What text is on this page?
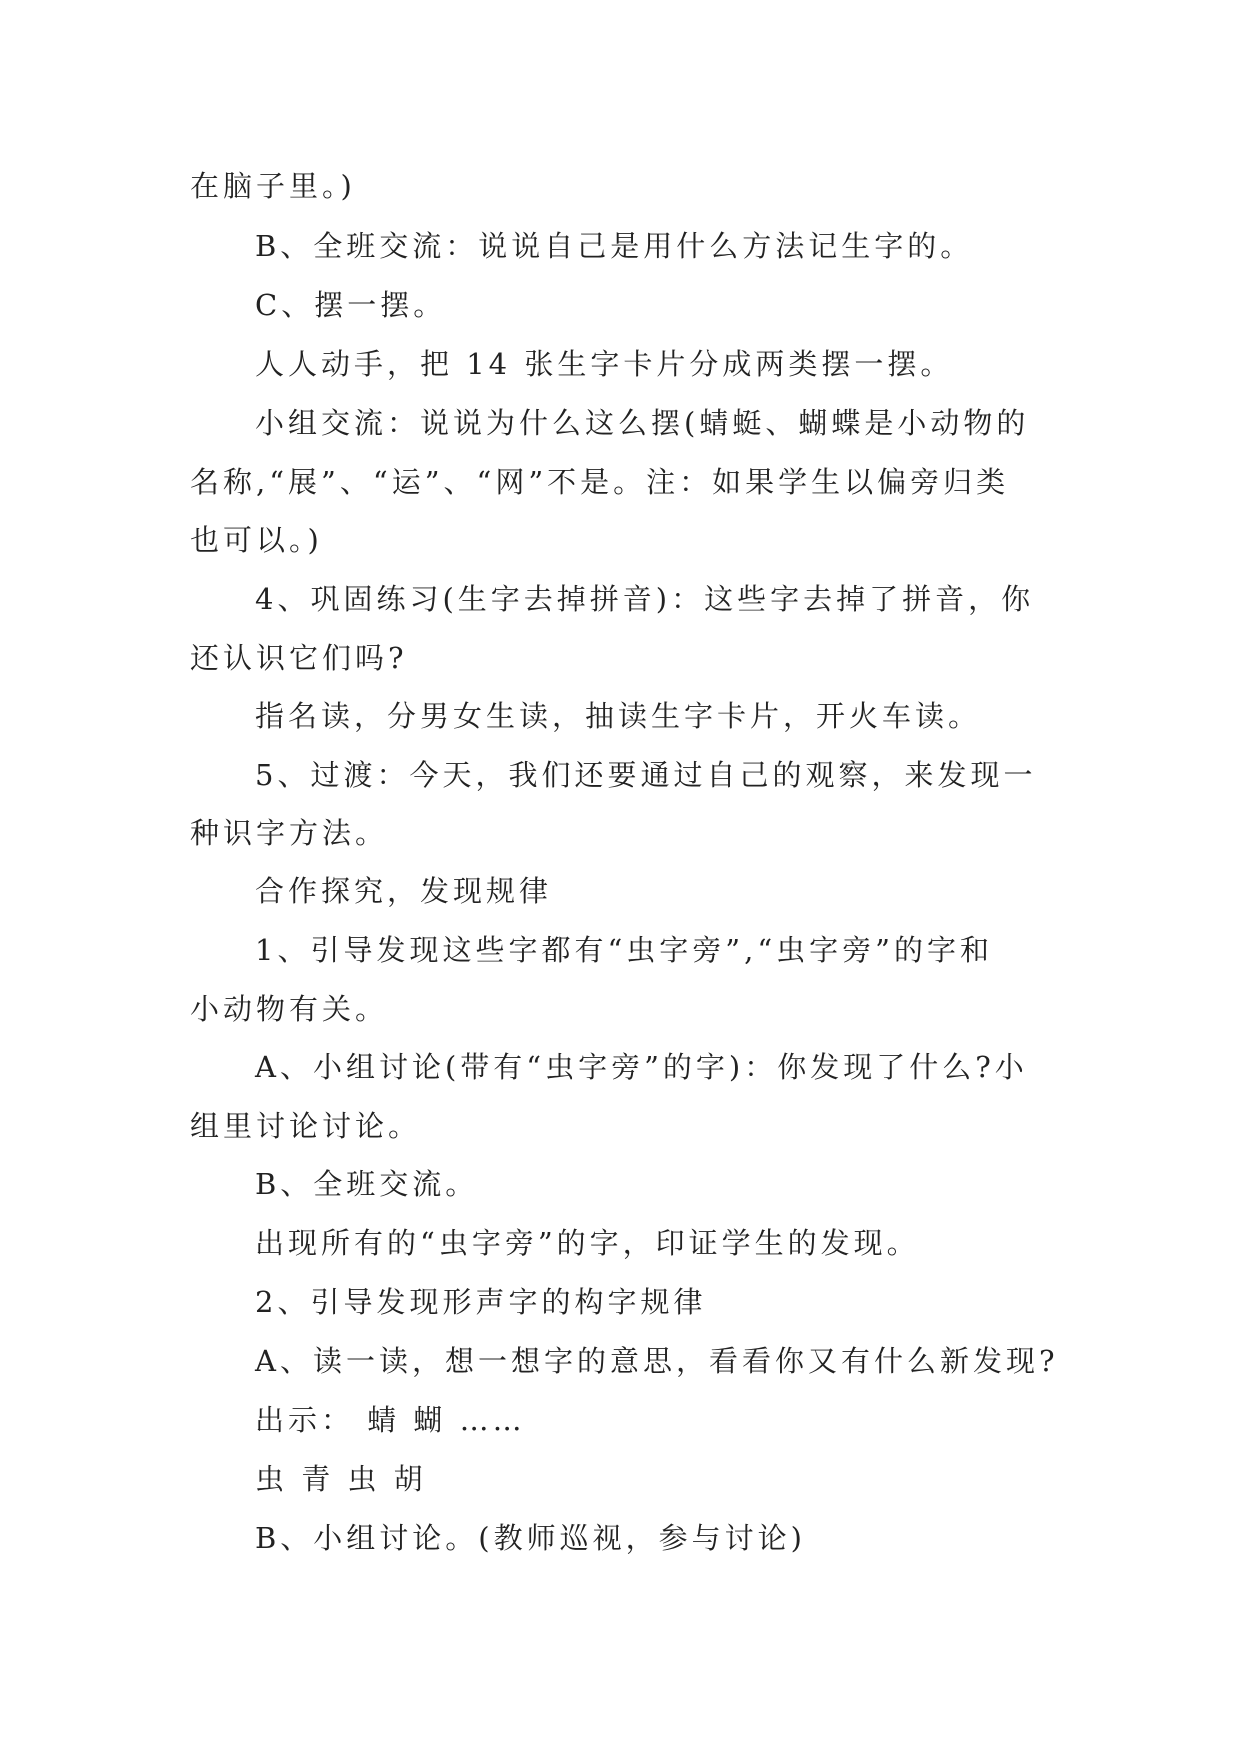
在脑子里。)
B、全班交流：说说自己是用什么方法记生字的。
C、摆一摆。
人人动手，把 14 张生字卡片分成两类摆一摆。
小组交流：说说为什么这么摆(蜻蜓、蝴蝶是小动物的
名称,“展”、“运”、“网”不是。注：如果学生以偏旁归类
也可以。)
4、巩固练习(生字去掉拼音)：这些字去掉了拼音，你
还认识它们吗?
指名读，分男女生读，抽读生字卡片，开火车读。
5、过渡：今天，我们还要通过自己的观察，来发现一
种识字方法。
合作探究，发现规律
1、引导发现这些字都有“虫字旁”,“虫字旁”的字和
小动物有关。
A、小组讨论(带有“虫字旁”的字)：你发现了什么?小
组里讨论讨论。
B、全班交流。
出现所有的“虫字旁”的字，印证学生的发现。
2、引导发现形声字的构字规律
A、读一读，想一想字的意思，看看你又有什么新发现?
出示： 蜻 蝴 ……
虫 青 虫 胡
B、小组讨论。(教师巡视，参与讨论)
